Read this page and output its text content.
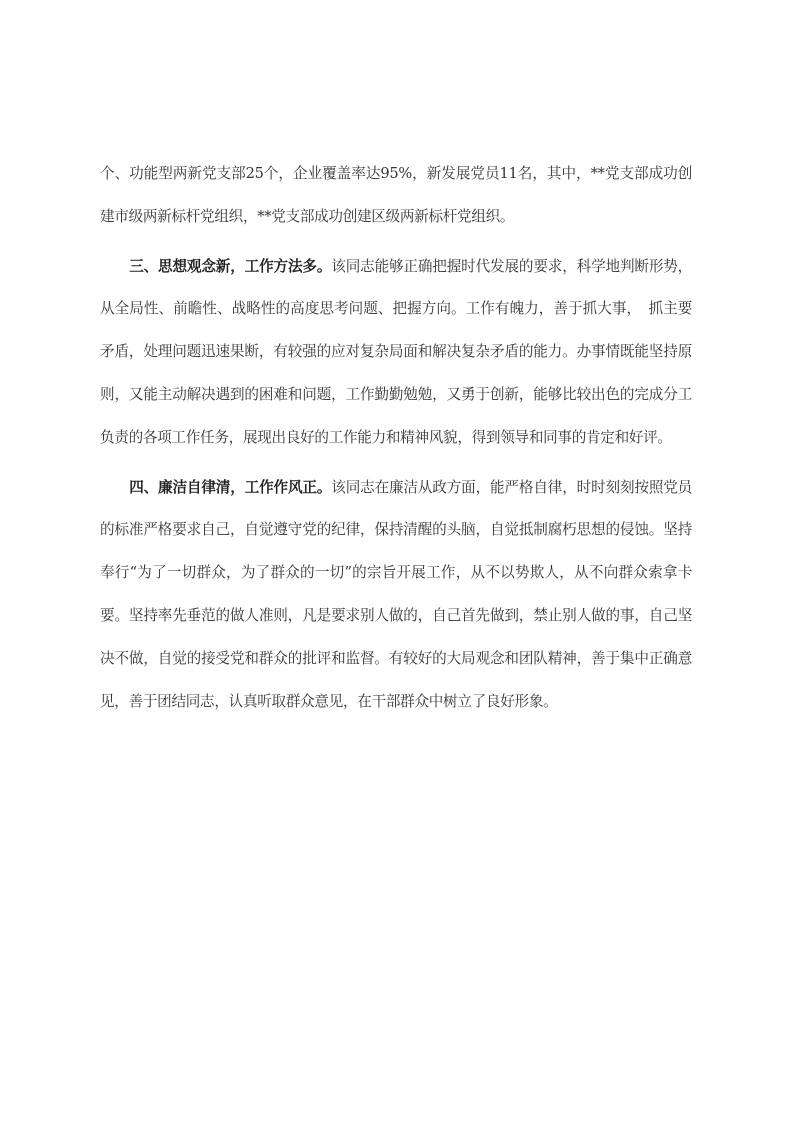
个、功能型两新党支部25个，企业覆盖率达95%，新发展党员11名，其中，**党支部成功创建市级两新标杆党组织，**党支部成功创建区级两新标杆党组织。

三、思想观念新，工作方法多。该同志能够正确把握时代发展的要求，科学地判断形势，从全局性、前瞻性、战略性的高度思考问题、把握方向。工作有魄力，善于抓大事，　抓主要矛盾，处理问题迅速果断，有较强的应对复杂局面和解决复杂矛盾的能力。办事情既能坚持原则，又能主动解决遇到的困难和问题，工作勤勤勉勉，又勇于创新，能够比较出色的完成分工负责的各项工作任务，展现出良好的工作能力和精神风貌，得到领导和同事的肯定和好评。

四、廉洁自律清，工作作风正。该同志在廉洁从政方面，能严格自律，时时刻刻按照党员的标准严格要求自己，自觉遵守党的纪律，保持清醒的头脑，自觉抵制腐朽思想的侵蚀。坚持奉行“为了一切群众，为了群众的一切”的宗旨开展工作，从不以势欺人，从不向群众索拿卡要。坚持率先垂范的做人准则，凡是要求别人做的，自己首先做到，禁止别人做的事，自己坚决不做，自觉的接受党和群众的批评和监督。有较好的大局观念和团队精神，善于集中正确意见，善于团结同志，认真听取群众意见，在干部群众中树立了良好形象。
